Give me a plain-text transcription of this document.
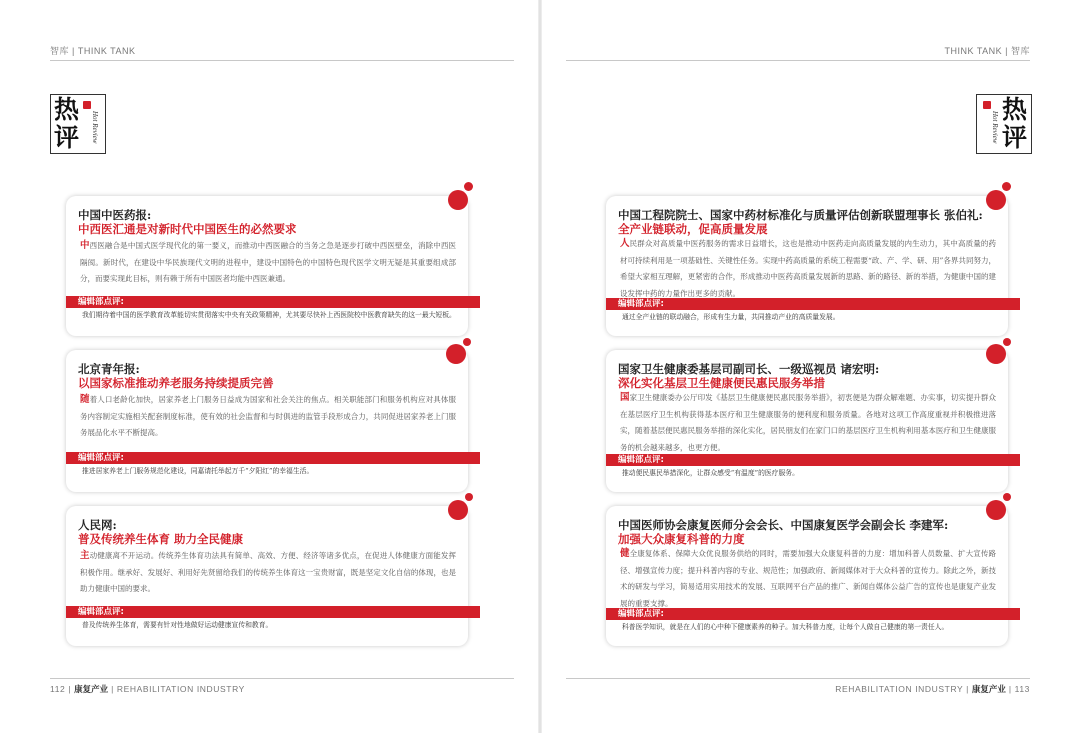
智库 | THINK TANK	THINK TANK | 智库
热
评 Hot Review	Hot Review
热
评
中国中医药报:
中西医汇通是对新时代中国医生的必然要求
中西医融合是中国式医学现代化的第一要义，而推动中西医融合的当务之急是逐步打破中西医壁垒，消除中西医隔阂。新时代，在建设中华民族现代文明的进程中，建设中国特色的中国特色现代医学文明无疑是其重要组成部分，而要实现此目标，则有赖于所有中国医者均能中西医兼通。
编辑部点评:
我们期待着中国的医学教育改革能切实贯彻落实中央有关政策精神，尤其要尽快补上西医院校中医教育缺失的这一最大短板。
北京青年报:
以国家标准推动养老服务持续提质完善
随着人口老龄化加快，居家养老上门服务日益成为国家和社会关注的焦点。相关职能部门和服务机构应对具体服务内容制定实施相关配套制度标准，使有效的社会监督和与时俱进的监管手段形成合力，共同促进居家养老上门服务展品化水平不断提高。
编辑部点评:
推进居家养老上门服务规范化建设，同嘉请托举起万千“夕阳红”的幸福生活。
人民网:
普及传统养生体育 助力全民健康
主动健康离不开运动。传统养生体育功法具有简单、高效、方便、经济等诸多优点，在促进人体健康方面能发挥积极作用。继承好、发展好、利用好先贤留给我们的传统养生体育这一宝贵财富，既是坚定文化自信的体现，也是助力健康中国的要求。
编辑部点评:
普及传统养生体育，需要有针对性地做好运动健康宣传和教育。
中国工程院院士、国家中药材标准化与质量评估创新联盟理事长 张伯礼:
全产业链联动，促高质量发展
人民群众对高质量中医药服务的需求日益增长，这也是推动中医药走向高质量发展的内生动力，其中高质量的药材可持续利用是一项基础性、关键性任务。实现中药高质量的系统工程需要“政、产、学、研、用”各界共同努力，希望大家相互理解，更紧密的合作，形成推动中医药高质量发展新的思路、新的路径、新的举措，为健康中国的建设发挥中药的力量作出更多的贡献。
编辑部点评:
通过全产业链的联动融合，形成有生力量，共同推动产业的高质量发展。
国家卫生健康委基层司副司长、一级巡视员 诸宏明:
深化实化基层卫生健康便民惠民服务举措
国家卫生健康委办公厅印发《基层卫生健康便民惠民服务举措》，初衷便是为群众解难题、办实事，切实提升群众在基层医疗卫生机构获得基本医疗和卫生健康服务的便利度和服务质量。各地对这项工作高度重视并积极推进落实，随着基层便民惠民服务举措的深化实化，居民朋友们在家门口的基层医疗卫生机构利用基本医疗和卫生健康服务的机会越来越多，也更方便。
编辑部点评:
推动便民惠民举措深化，让群众感受“有温度”的医疗服务。
中国医师协会康复医师分会会长、中国康复医学会副会长 李建军:
加强大众康复科普的力度
健全康复体系、保障大众优良服务供给的同时，需要加强大众康复科普的力度：增加科普人员数量、扩大宣传路径、增强宣传力度；提升科普内容的专业、规范性；加强政府、新闻媒体对于大众科普的宣传力。除此之外，新技术的研发与学习，简易适用实用技术的发展、互联网平台产品的推广、新闻自媒体公益广告的宣传也是康复产业发展的重要支撑。
编辑部点评:
科普医学知识，就是在人们的心中种下健康素养的种子。加大科普力度，让每个人做自己健康的第一责任人。
112 | 康复产业 | REHABILITATION INDUSTRY	REHABILITATION INDUSTRY | 康复产业 | 113
